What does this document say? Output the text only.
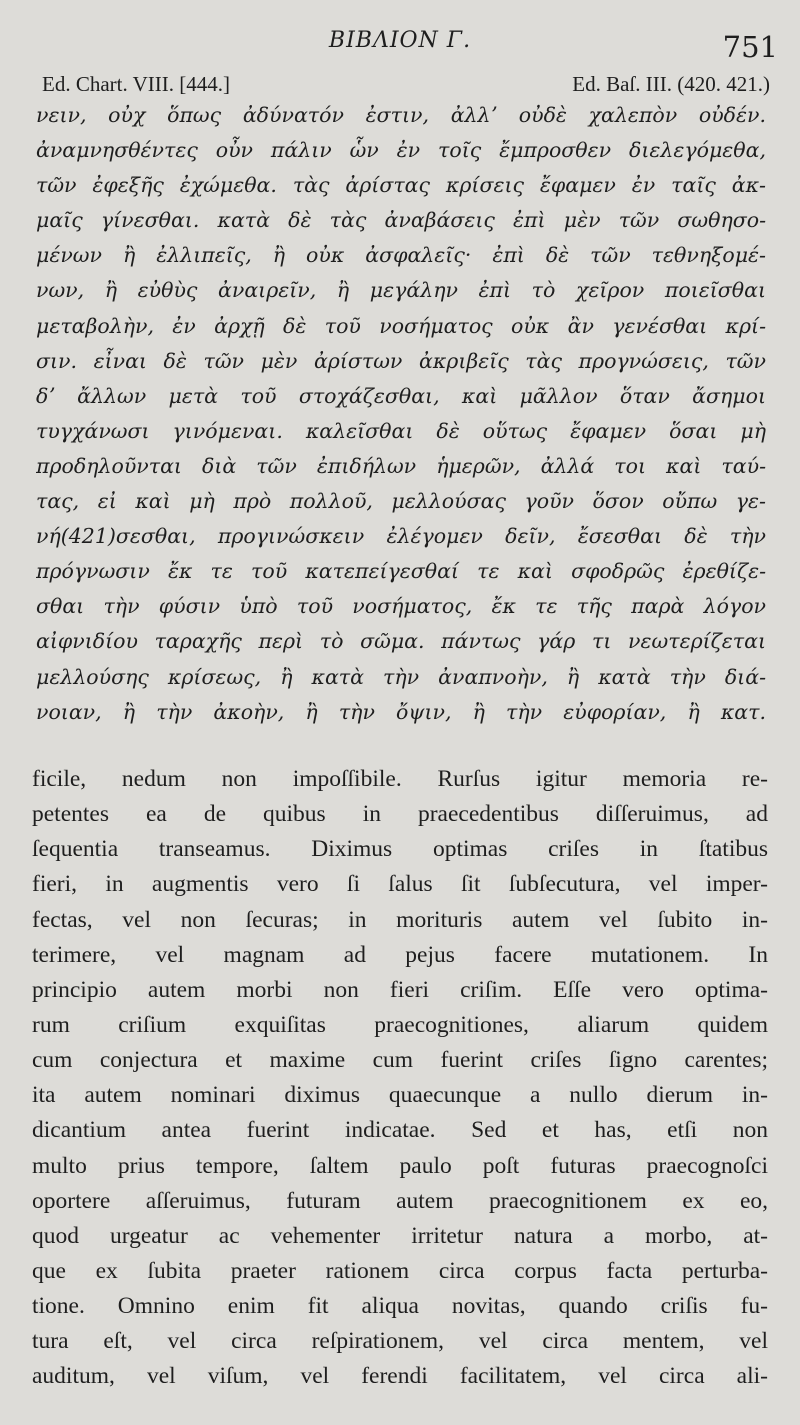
ΒΙΒΛΙΟΝ Γ.	751
Ed. Chart. VIII. [444.]	Ed. Baſ. III. (420. 421.)
νειν, οὐχ ὅπως ἀδύνατόν ἐστιν, ἀλλʼ οὐδὲ χαλεπὸν οὐδέν.
ἀναμνησθέντες οὖν πάλιν ὧν ἐν τοῖς ἔμπροσθεν διελεγόμεθα,
τῶν ἐφεξῆς ἐχώμεθα. τὰς ἀρίστας κρίσεις ἔφαμεν ἐν ταῖς ἀκ-
μαῖς γίνεσθαι. κατὰ δὲ τὰς ἀναβάσεις ἐπὶ μὲν τῶν σωθησο-
μένων ἢ ἐλλιπεῖς, ἢ οὐκ ἀσφαλεῖς· ἐπὶ δὲ τῶν τεθνηξομέ-
νων, ἢ εὐθὺς ἀναιρεῖν, ἢ μεγάλην ἐπὶ τὸ χεῖρον ποιεῖσθαι
μεταβολὴν, ἐν ἀρχῇ δὲ τοῦ νοσήματος οὐκ ἂν γενέσθαι κρί-
σιν. εἶναι δὲ τῶν μὲν ἀρίστων ἀκριβεῖς τὰς προγνώσεις, τῶν
δʼ ἄλλων μετὰ τοῦ στοχάζεσθαι, καὶ μᾶλλον ὅταν ἄσημοι
τυγχάνωσι γινόμεναι. καλεῖσθαι δὲ οὕτως ἔφαμεν ὅσαι μὴ
προδηλοῦνται διὰ τῶν ἐπιδήλων ἡμερῶν, ἀλλά τοι καὶ ταύ-
τας, εἰ καὶ μὴ πρὸ πολλοῦ, μελλούσας γοῦν ὅσον οὔπω γε-
νή(421)σεσθαι, προγινώσκειν ἐλέγομεν δεῖν, ἔσεσθαι δὲ τὴν
πρόγνωσιν ἔκ τε τοῦ κατεπείγεσθαί τε καὶ σφοδρῶς ἐρεθίζε-
σθαι τὴν φύσιν ὑπὸ τοῦ νοσήματος, ἔκ τε τῆς παρὰ λόγον
αἰφνιδίου ταραχῆς περὶ τὸ σῶμα. πάντως γάρ τι νεωτερίζεται
μελλούσης κρίσεως, ἢ κατὰ τὴν ἀναπνοὴν, ἢ κατὰ τὴν διά-
νοιαν, ἢ τὴν ἀκοὴν, ἢ τὴν ὄψιν, ἢ τὴν εὐφορίαν, ἢ κατ.
ficile, nedum non impoſſibile. Rurſus igitur memoria re-
petentes ea de quibus in praecedentibus diſſeruimus, ad
ſequentia transeamus. Diximus optimas criſes in ſtatibus
fieri, in augmentis vero ſi ſalus ſit ſubſecutura, vel imper-
fectas, vel non ſecuras; in morituris autem vel ſubito in-
terimere, vel magnam ad pejus facere mutationem. In
principio autem morbi non fieri criſim. Eſſe vero optima-
rum criſium exquiſitas praecognitiones, aliarum quidem
cum conjectura et maxime cum fuerint criſes ſigno carentes;
ita autem nominari diximus quaecunque a nullo dierum in-
dicantium antea fuerint indicatae. Sed et has, etſi non
multo prius tempore, ſaltem paulo poſt futuras praecognoſci
oportere aſſeruimus, futuram autem praecognitionem ex eo,
quod urgeatur ac vehementer irritetur natura a morbo, at-
que ex ſubita praeter rationem circa corpus facta perturba-
tione. Omnino enim fit aliqua novitas, quando criſis fu-
tura eſt, vel circa reſpirationem, vel circa mentem, vel
auditum, vel viſum, vel ferendi facilitatem, vel circa ali-
